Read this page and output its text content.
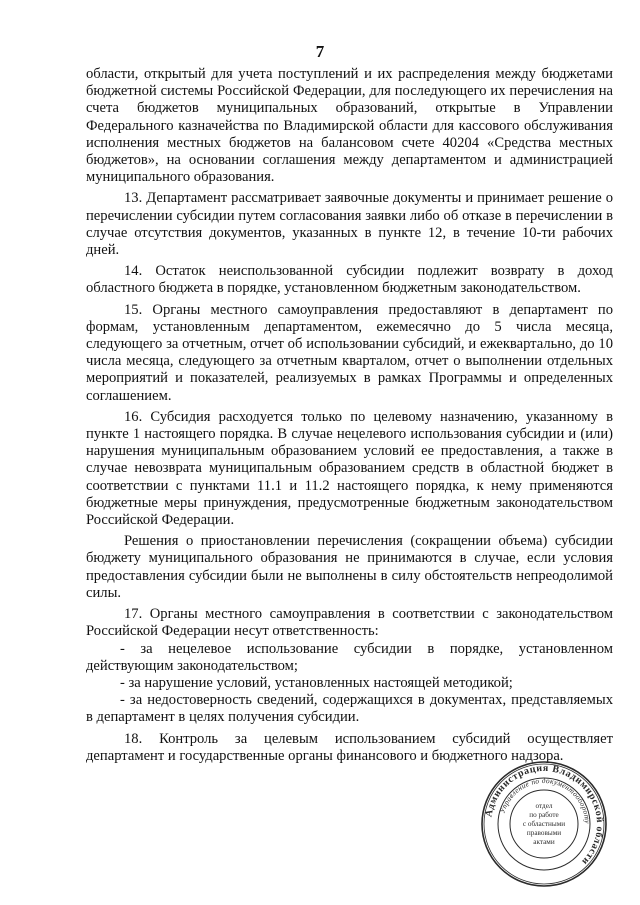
7

области, открытый для учета поступлений и их распределения между бюджетами бюджетной системы Российской Федерации, для последующего их перечисления на счета бюджетов муниципальных образований, открытые в Управлении Федерального казначейства по Владимирской области для кассового обслуживания исполнения местных бюджетов на балансовом счете 40204 «Средства местных бюджетов», на основании соглашения между департаментом и администрацией муниципального образования.

13. Департамент рассматривает заявочные документы и принимает решение о перечислении субсидии путем согласования заявки либо об отказе в перечислении в случае отсутствия документов, указанных в пункте 12, в течение 10-ти рабочих дней.

14. Остаток неиспользованной субсидии подлежит возврату в доход областного бюджета в порядке, установленном бюджетным законодательством.

15. Органы местного самоуправления предоставляют в департамент по формам, установленным департаментом, ежемесячно до 5 числа месяца, следующего за отчетным, отчет об использовании субсидий, и ежеквартально, до 10 числа месяца, следующего за отчетным кварталом, отчет о выполнении отдельных мероприятий и показателей, реализуемых в рамках Программы и определенных соглашением.

16. Субсидия расходуется только по целевому назначению, указанному в пункте 1 настоящего порядка. В случае нецелевого использования субсидии и (или) нарушения муниципальным образованием условий ее предоставления, а также в случае невозврата муниципальным образованием средств в областной бюджет в соответствии с пунктами 11.1 и 11.2 настоящего порядка, к нему применяются бюджетные меры принуждения, предусмотренные бюджетным законодательством Российской Федерации.

Решения о приостановлении перечисления (сокращении объема) субсидии бюджету муниципального образования не принимаются в случае, если условия предоставления субсидии были не выполнены в силу обстоятельств непреодолимой силы.

17. Органы местного самоуправления в соответствии с законодательством Российской Федерации несут ответственность:

- за нецелевое использование субсидии в порядке, установленном действующим законодательством;

- за нарушение условий, установленных настоящей методикой;

- за недостоверность сведений, содержащихся в документах, представляемых в департамент в целях получения субсидии.

18. Контроль за целевым использованием субсидий осуществляет департамент и государственные органы финансового и бюджетного надзора.

Администрация Владимирской области
Управление по документообороту
отдел
по работе
с областными
правовыми
актами
